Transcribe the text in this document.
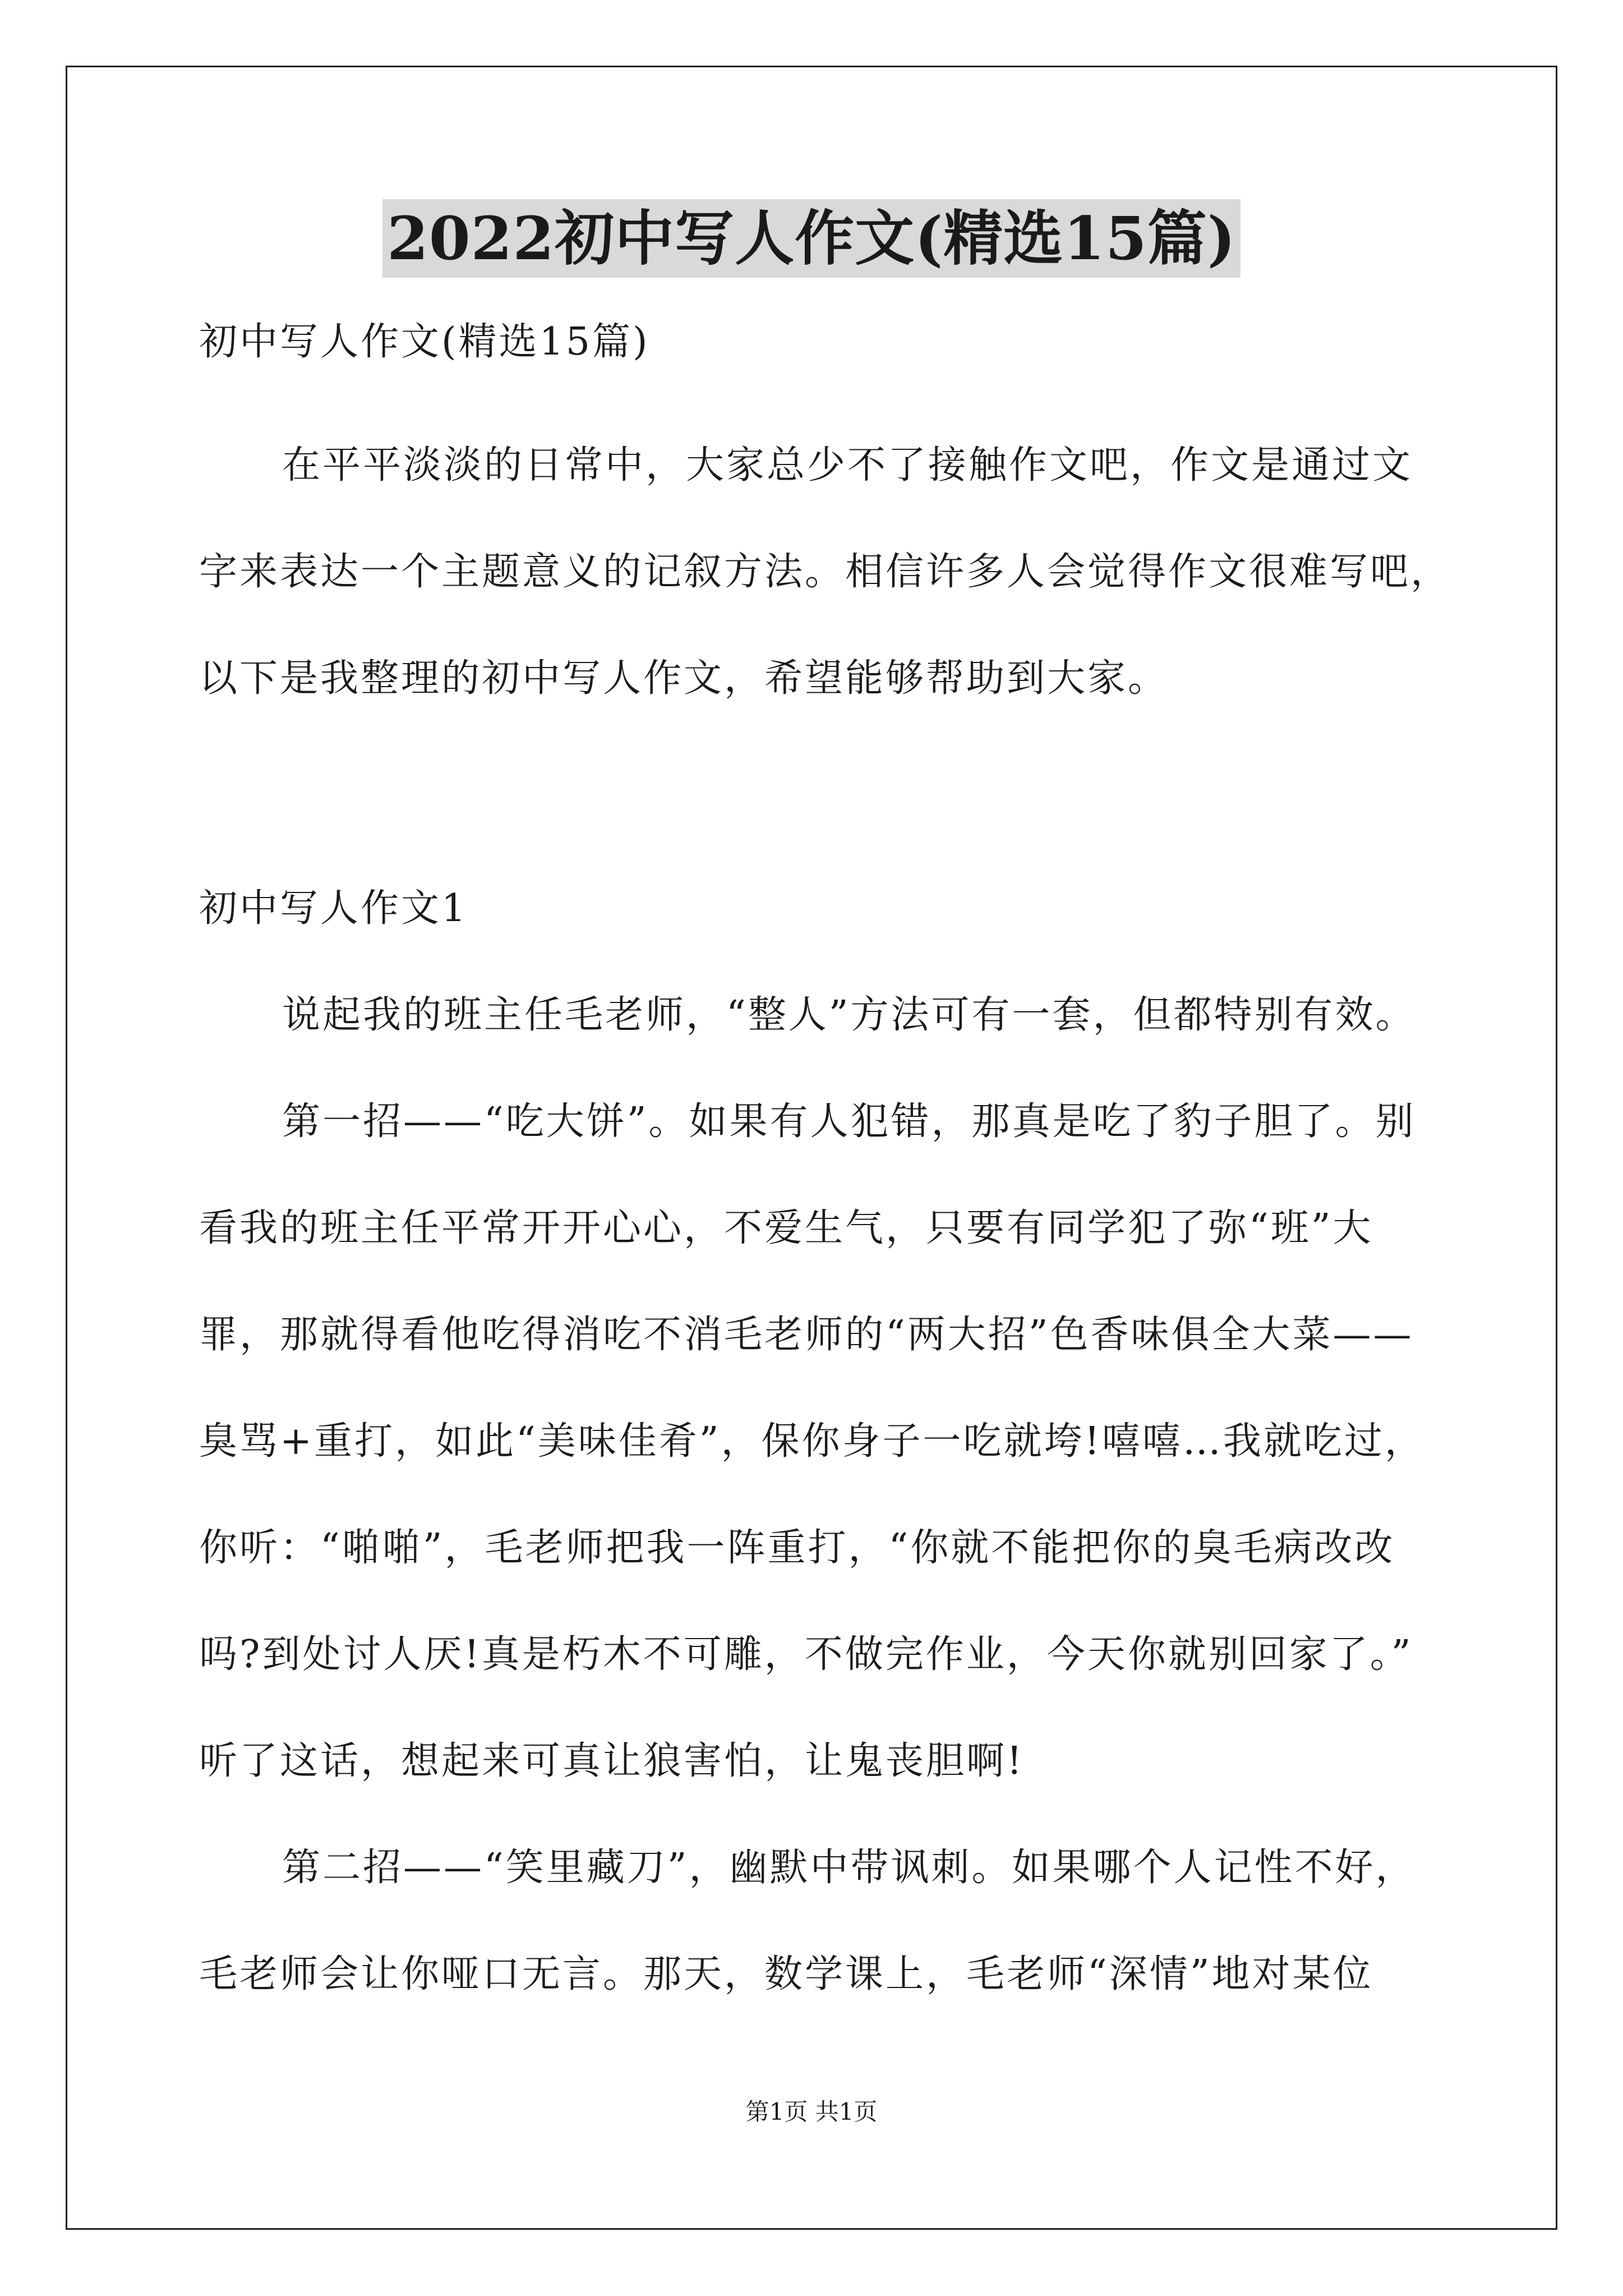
2022初中写人作文(精选15篇)
初中写人作文(精选15篇)
在平平淡淡的日常中，大家总少不了接触作文吧，作文是通过文
字来表达一个主题意义的记叙方法。相信许多人会觉得作文很难写吧，
以下是我整理的初中写人作文，希望能够帮助到大家。
初中写人作文1
说起我的班主任毛老师，“整人”方法可有一套，但都特别有效。
第一招——“吃大饼”。如果有人犯错，那真是吃了豹子胆了。别
看我的班主任平常开开心心，不爱生气，只要有同学犯了弥“班”大
罪，那就得看他吃得消吃不消毛老师的“两大招”色香味俱全大菜——
臭骂+重打，如此“美味佳肴”，保你身子一吃就垮!嘻嘻…我就吃过，
你听：“啪啪”，毛老师把我一阵重打，“你就不能把你的臭毛病改改
吗?到处讨人厌!真是朽木不可雕，不做完作业，今天你就别回家了。”
听了这话，想起来可真让狼害怕，让鬼丧胆啊!
第二招——“笑里藏刀”，幽默中带讽刺。如果哪个人记性不好，
毛老师会让你哑口无言。那天，数学课上，毛老师“深情”地对某位
第1页 共1页
